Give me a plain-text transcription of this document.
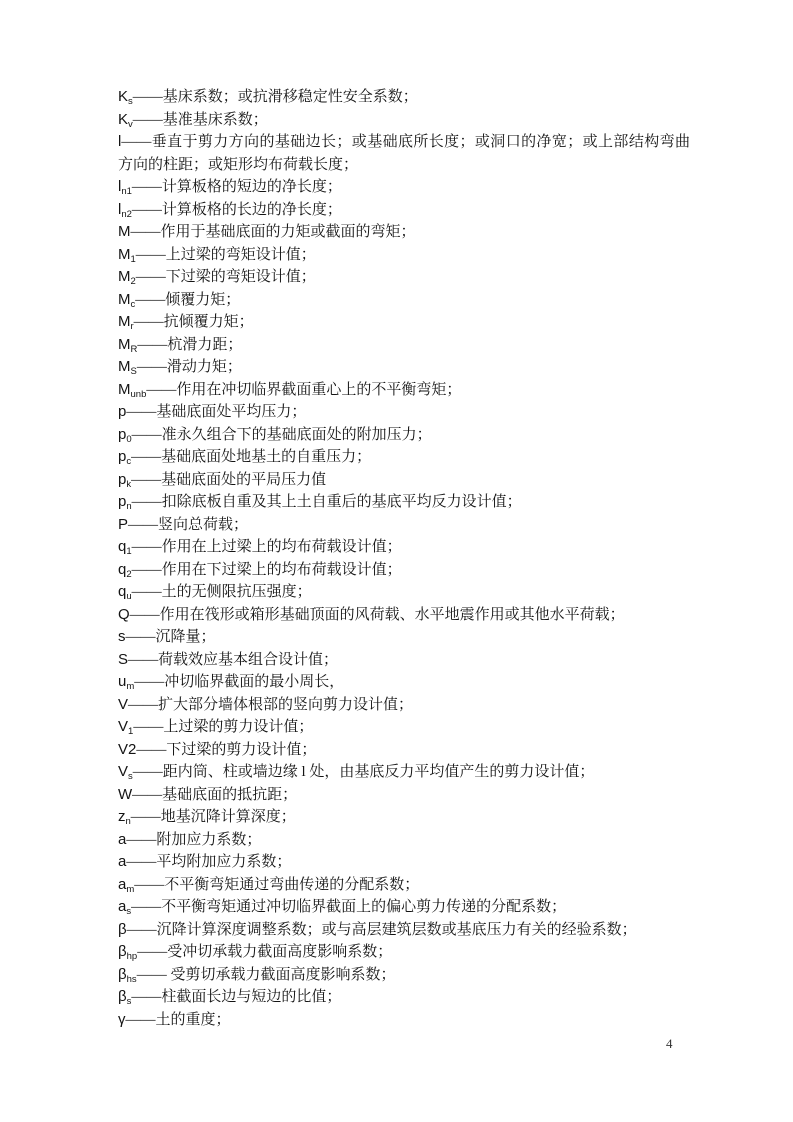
$K_s——$基床系数；或抗滑移稳定性安全系数；
$K_v——$基准基床系数；
l——垂直于剪力方向的基础边长；或基础底所长度；或洞口的净宽；或上部结构弯曲方向的柱距；或矩形均布荷载长度；
$l_{n1}——$计算板格的短边的净长度；
$l_{n2}——$计算板格的长边的净长度；
M——作用于基础底面的力矩或截面的弯矩；
$M_1——$上过梁的弯矩设计值；
$M_2——$下过梁的弯矩设计值；
$M_c——$倾覆力矩；
$M_r——$抗倾覆力矩；
$M_R——$杭滑力距；
$M_S——$滑动力矩；
$M_{unb}——$作用在冲切临界截面重心上的不平衡弯矩；
p——基础底面处平均压力；
$p_0——$准永久组合下的基础底面处的附加压力；
$p_c——$基础底面处地基土的自重压力；
$p_k——$基础底面处的平局压力值
$p_n——$扣除底板自重及其上土自重后的基底平均反力设计值；
P——竖向总荷载；
$q_1——$作用在上过梁上的均布荷载设计值；
$q_2——$作用在下过梁上的均布荷载设计值；
$q_u——$土的无侧限抗压强度；
Q——作用在筏形或箱形基础顶面的风荷载、水平地震作用或其他水平荷载；
s——沉降量；
S——荷载效应基本组合设计值；
$u_m——$冲切临界截面的最小周长，
V——扩大部分墙体根部的竖向剪力设计值；
$V_1——$上过梁的剪力设计值；
V2——下过梁的剪力设计值；
$V_s——$距内筒、柱或墙边缘 l 处，由基底反力平均值产生的剪力设计值；
W——基础底面的抵抗距；
$z_n——$地基沉降计算深度；
a——附加应力系数；
a——平均附加应力系数；
$a_m——$不平衡弯矩通过弯曲传递的分配系数；
$a_s——$不平衡弯矩通过冲切临界截面上的偏心剪力传递的分配系数；
β——沉降计算深度调整系数；或与高层建筑层数或基底压力有关的经验系数；
$\beta_{hp}——$受冲切承载力截面高度影响系数；
$\beta_{hs}——$ 受剪切承载力截面高度影响系数；
$\beta_s——$柱截面长边与短边的比值；
γ——土的重度；
4
